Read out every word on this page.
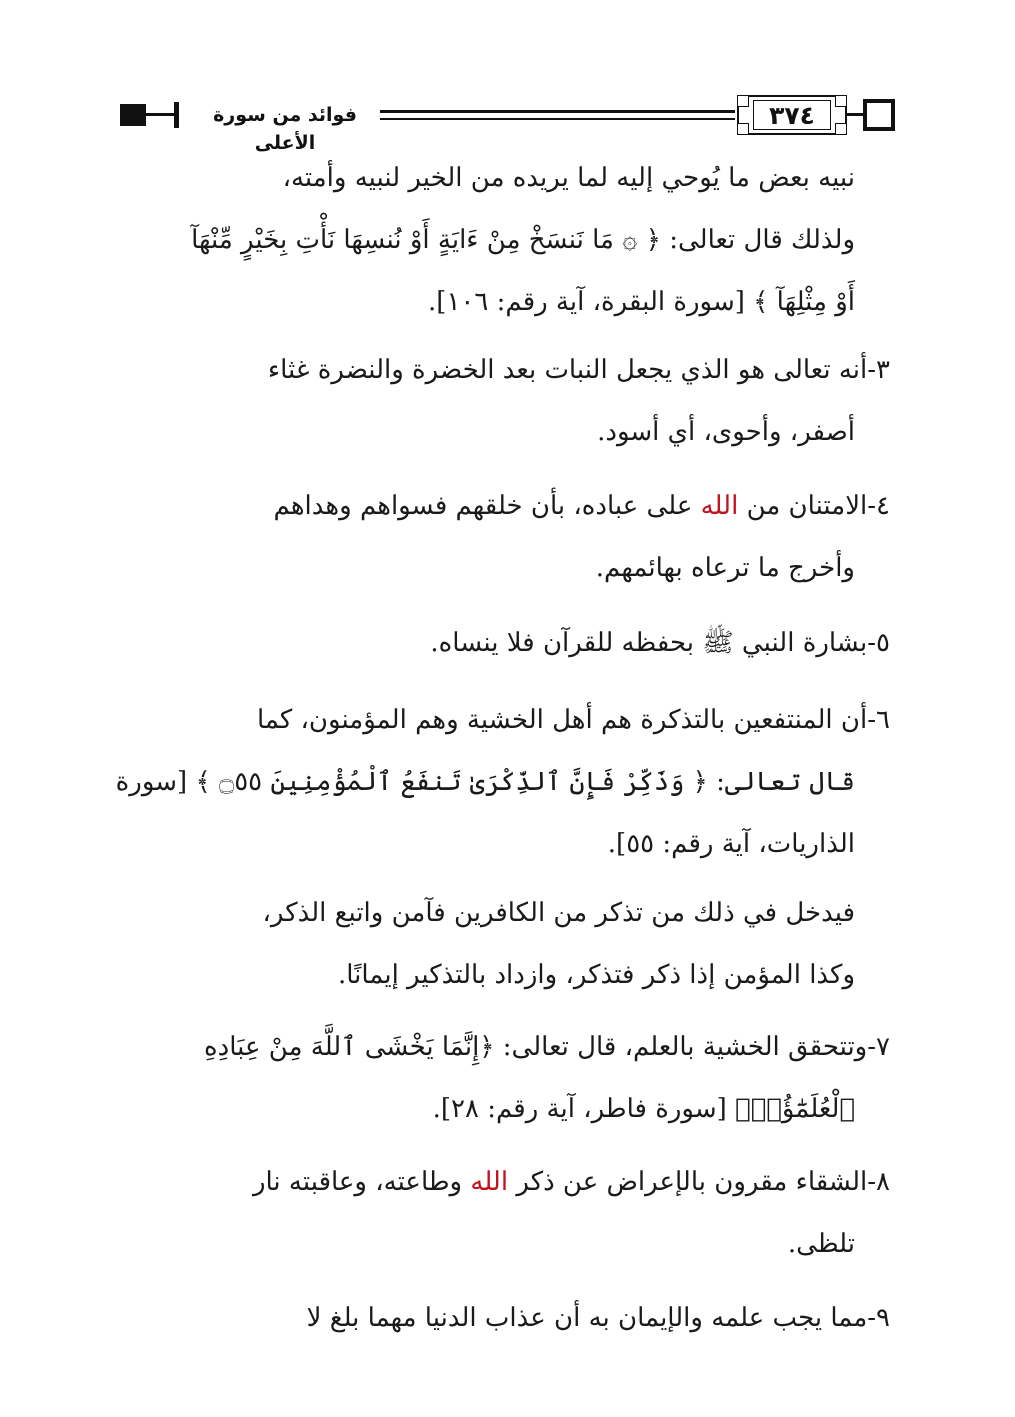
فوائد من سورة الأعلى
٣٧٤
نبيه بعض ما يُوحي إليه لما يريده من الخير لنبيه وأمته،
ولذلك قال تعالى: ﴿ ۞ مَا نَنسَخْ مِنْ ءَايَةٍ أَوْ نُنسِهَا نَأْتِ بِخَيْرٍ مِّنْهَآ
أَوْ مِثْلِهَآ ﴾ [سورة البقرة، آية رقم: ١٠٦].
٣-أنه تعالى هو الذي يجعل النبات بعد الخضرة والنضرة غثاء
أصفر، وأحوى، أي أسود.
٤-الامتنان من الله على عباده، بأن خلقهم فسواهم وهداهم
وأخرج ما ترعاه بهائمهم.
٥-بشارة النبي ﷺ بحفظه للقرآن فلا ينساه.
٦-أن المنتفعين بالتذكرة هم أهل الخشية وهم المؤمنون، كما
قال تعالى: ﴿ وَذَكِّرْ فَإِنَّ ٱلذِّكْرَىٰ تَنفَعُ ٱلْمُؤْمِنِينَ ۝٥٥ ﴾ [سورة
الذاريات، آية رقم: ٥٥].
فيدخل في ذلك من تذكر من الكافرين فآمن واتبع الذكر،
وكذا المؤمن إذا ذكر فتذكر، وازداد بالتذكير إيمانًا.
٧-وتتحقق الخشية بالعلم، قال تعالى: ﴿إِنَّمَا يَخْشَى ٱللَّهَ مِنْ عِبَادِهِ
ٱلْعُلَمَٰٓؤُا۟﴾ [سورة فاطر، آية رقم: ٢٨].
٨-الشقاء مقرون بالإعراض عن ذكر الله وطاعته، وعاقبته نار
تلظى.
٩-مما يجب علمه والإيمان به أن عذاب الدنيا مهما بلغ لا
